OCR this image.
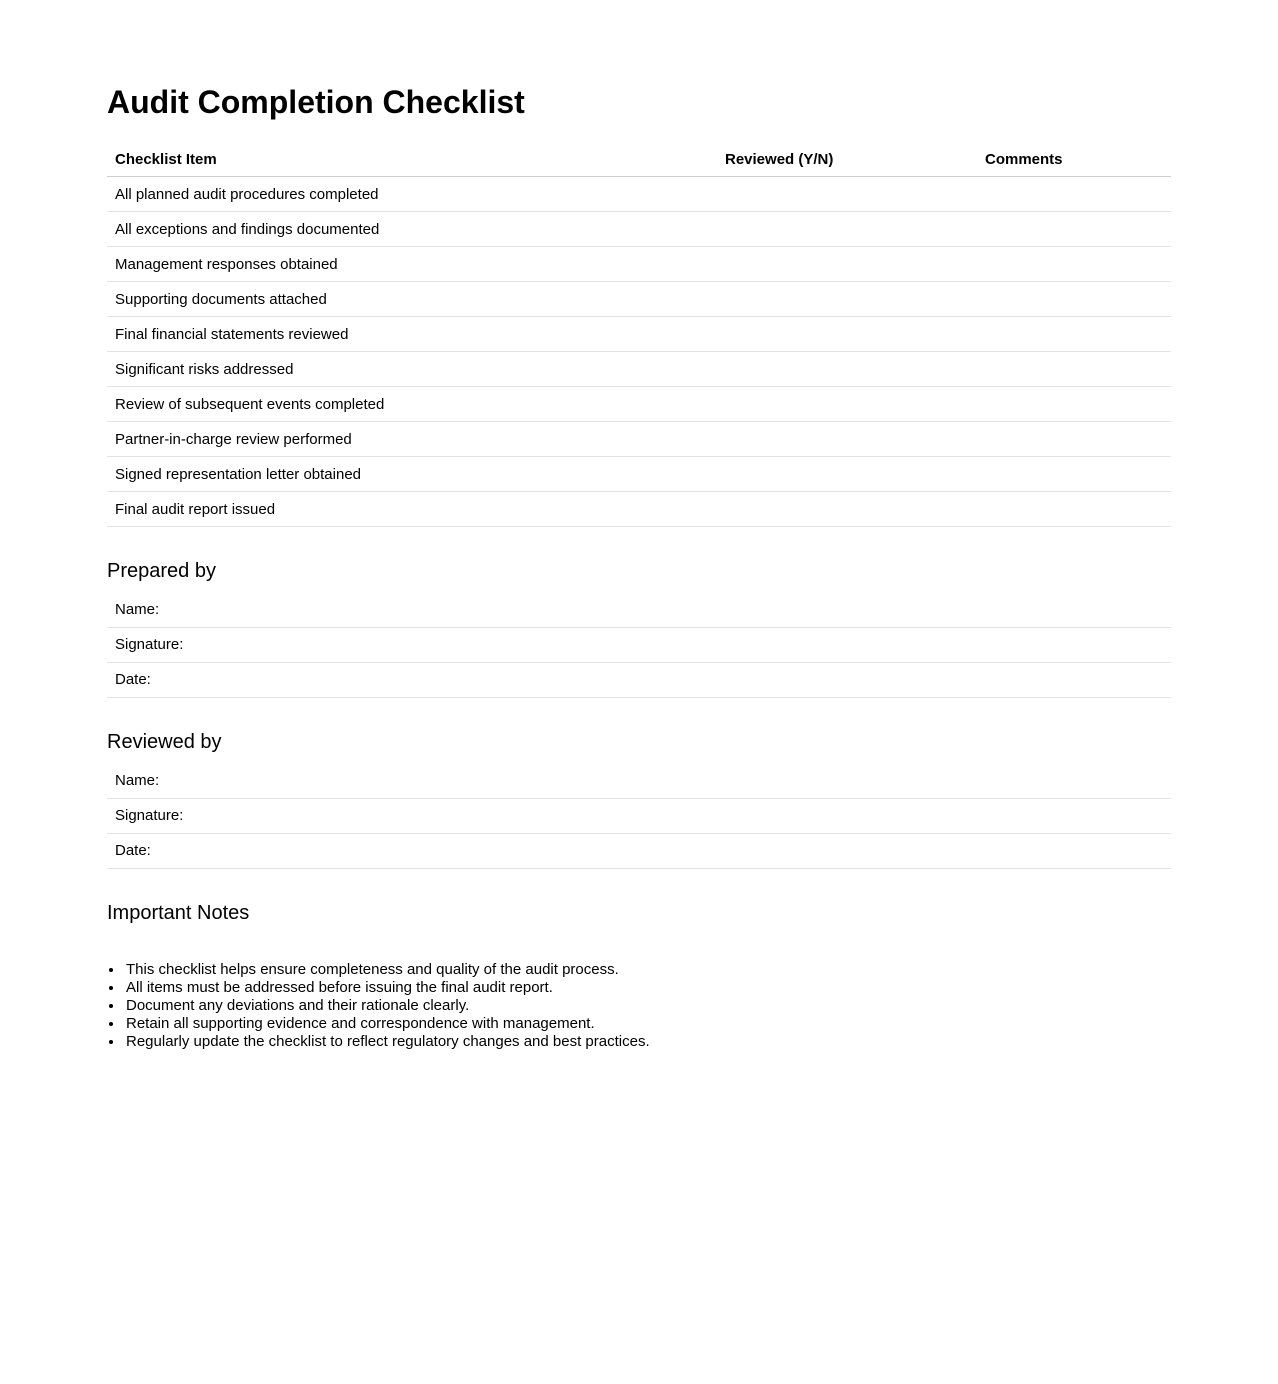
Audit Completion Checklist
Checklist Item	Reviewed (Y/N)	Comments
All planned audit procedures completed		
All exceptions and findings documented		
Management responses obtained		
Supporting documents attached		
Final financial statements reviewed		
Significant risks addressed		
Review of subsequent events completed		
Partner-in-charge review performed		
Signed representation letter obtained		
Final audit report issued		
Prepared by
Name:
Signature:
Date:
Reviewed by
Name:
Signature:
Date:
Important Notes
• This checklist helps ensure completeness and quality of the audit process.
• All items must be addressed before issuing the final audit report.
• Document any deviations and their rationale clearly.
• Retain all supporting evidence and correspondence with management.
• Regularly update the checklist to reflect regulatory changes and best practices.
